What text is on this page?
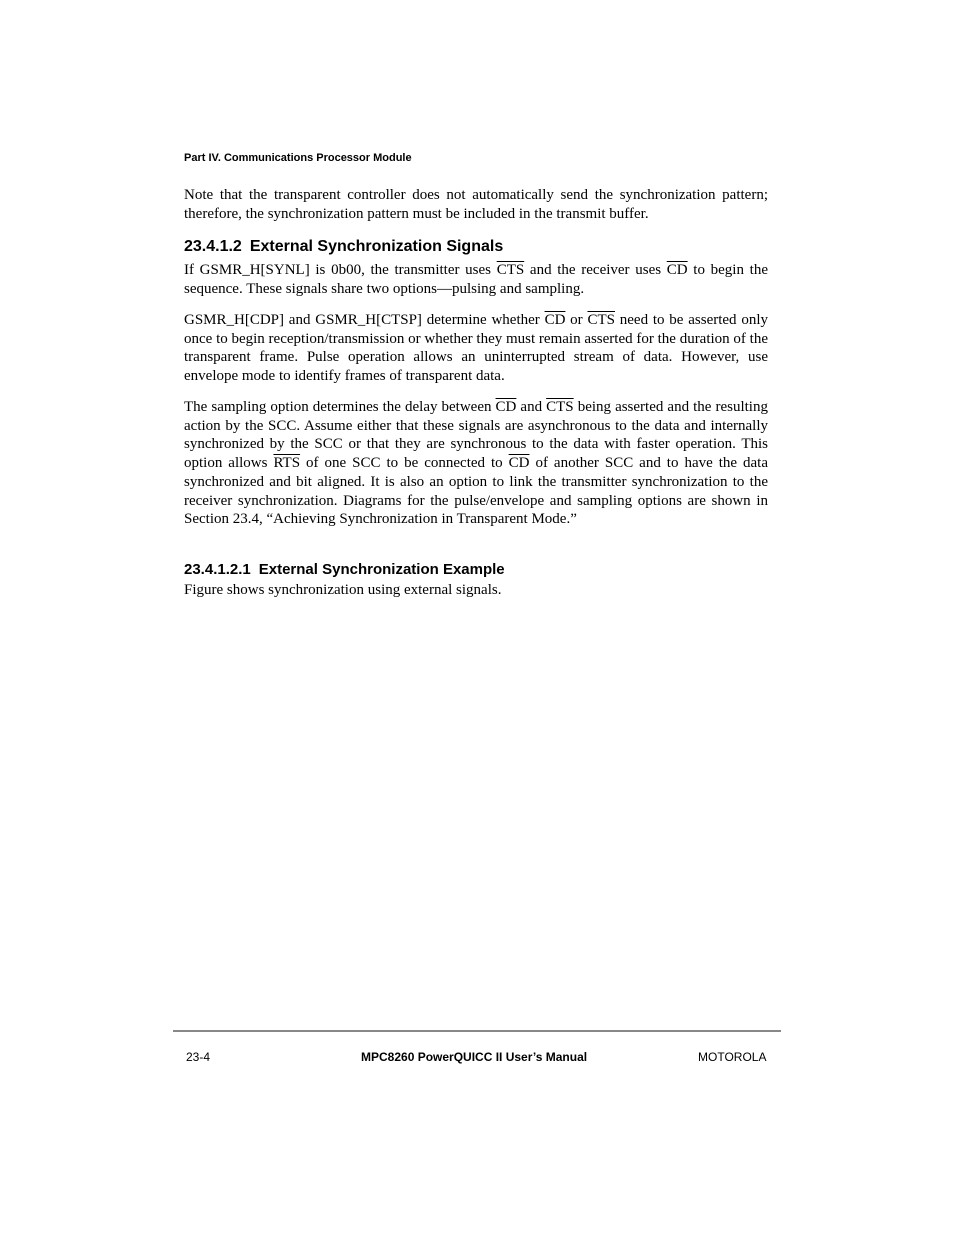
Part IV. Communications Processor Module

Note that the transparent controller does not automatically send the synchronization pattern; therefore, the synchronization pattern must be included in the transmit buffer.

23.4.1.2 External Synchronization Signals

If GSMR_H[SYNL] is 0b00, the transmitter uses $\overline{CTS}$ and the receiver uses $\overline{CD}$ to begin the sequence. These signals share two options—pulsing and sampling.

GSMR_H[CDP] and GSMR_H[CTSP] determine whether $\overline{CD}$ or $\overline{CTS}$ need to be asserted only once to begin reception/transmission or whether they must remain asserted for the duration of the transparent frame. Pulse operation allows an uninterrupted stream of data. However, use envelope mode to identify frames of transparent data.

The sampling option determines the delay between $\overline{CD}$ and $\overline{CTS}$ being asserted and the resulting action by the SCC. Assume either that these signals are asynchronous to the data and internally synchronized by the SCC or that they are synchronous to the data with faster operation. This option allows $\overline{RTS}$ of one SCC to be connected to $\overline{CD}$ of another SCC and to have the data synchronized and bit aligned. It is also an option to link the transmitter synchronization to the receiver synchronization. Diagrams for the pulse/envelope and sampling options are shown in Section 23.4, “Achieving Synchronization in Transparent Mode.”

23.4.1.2.1 External Synchronization Example

Figure shows synchronization using external signals.

23-4	MPC8260 PowerQUICC II User’s Manual	MOTOROLA
